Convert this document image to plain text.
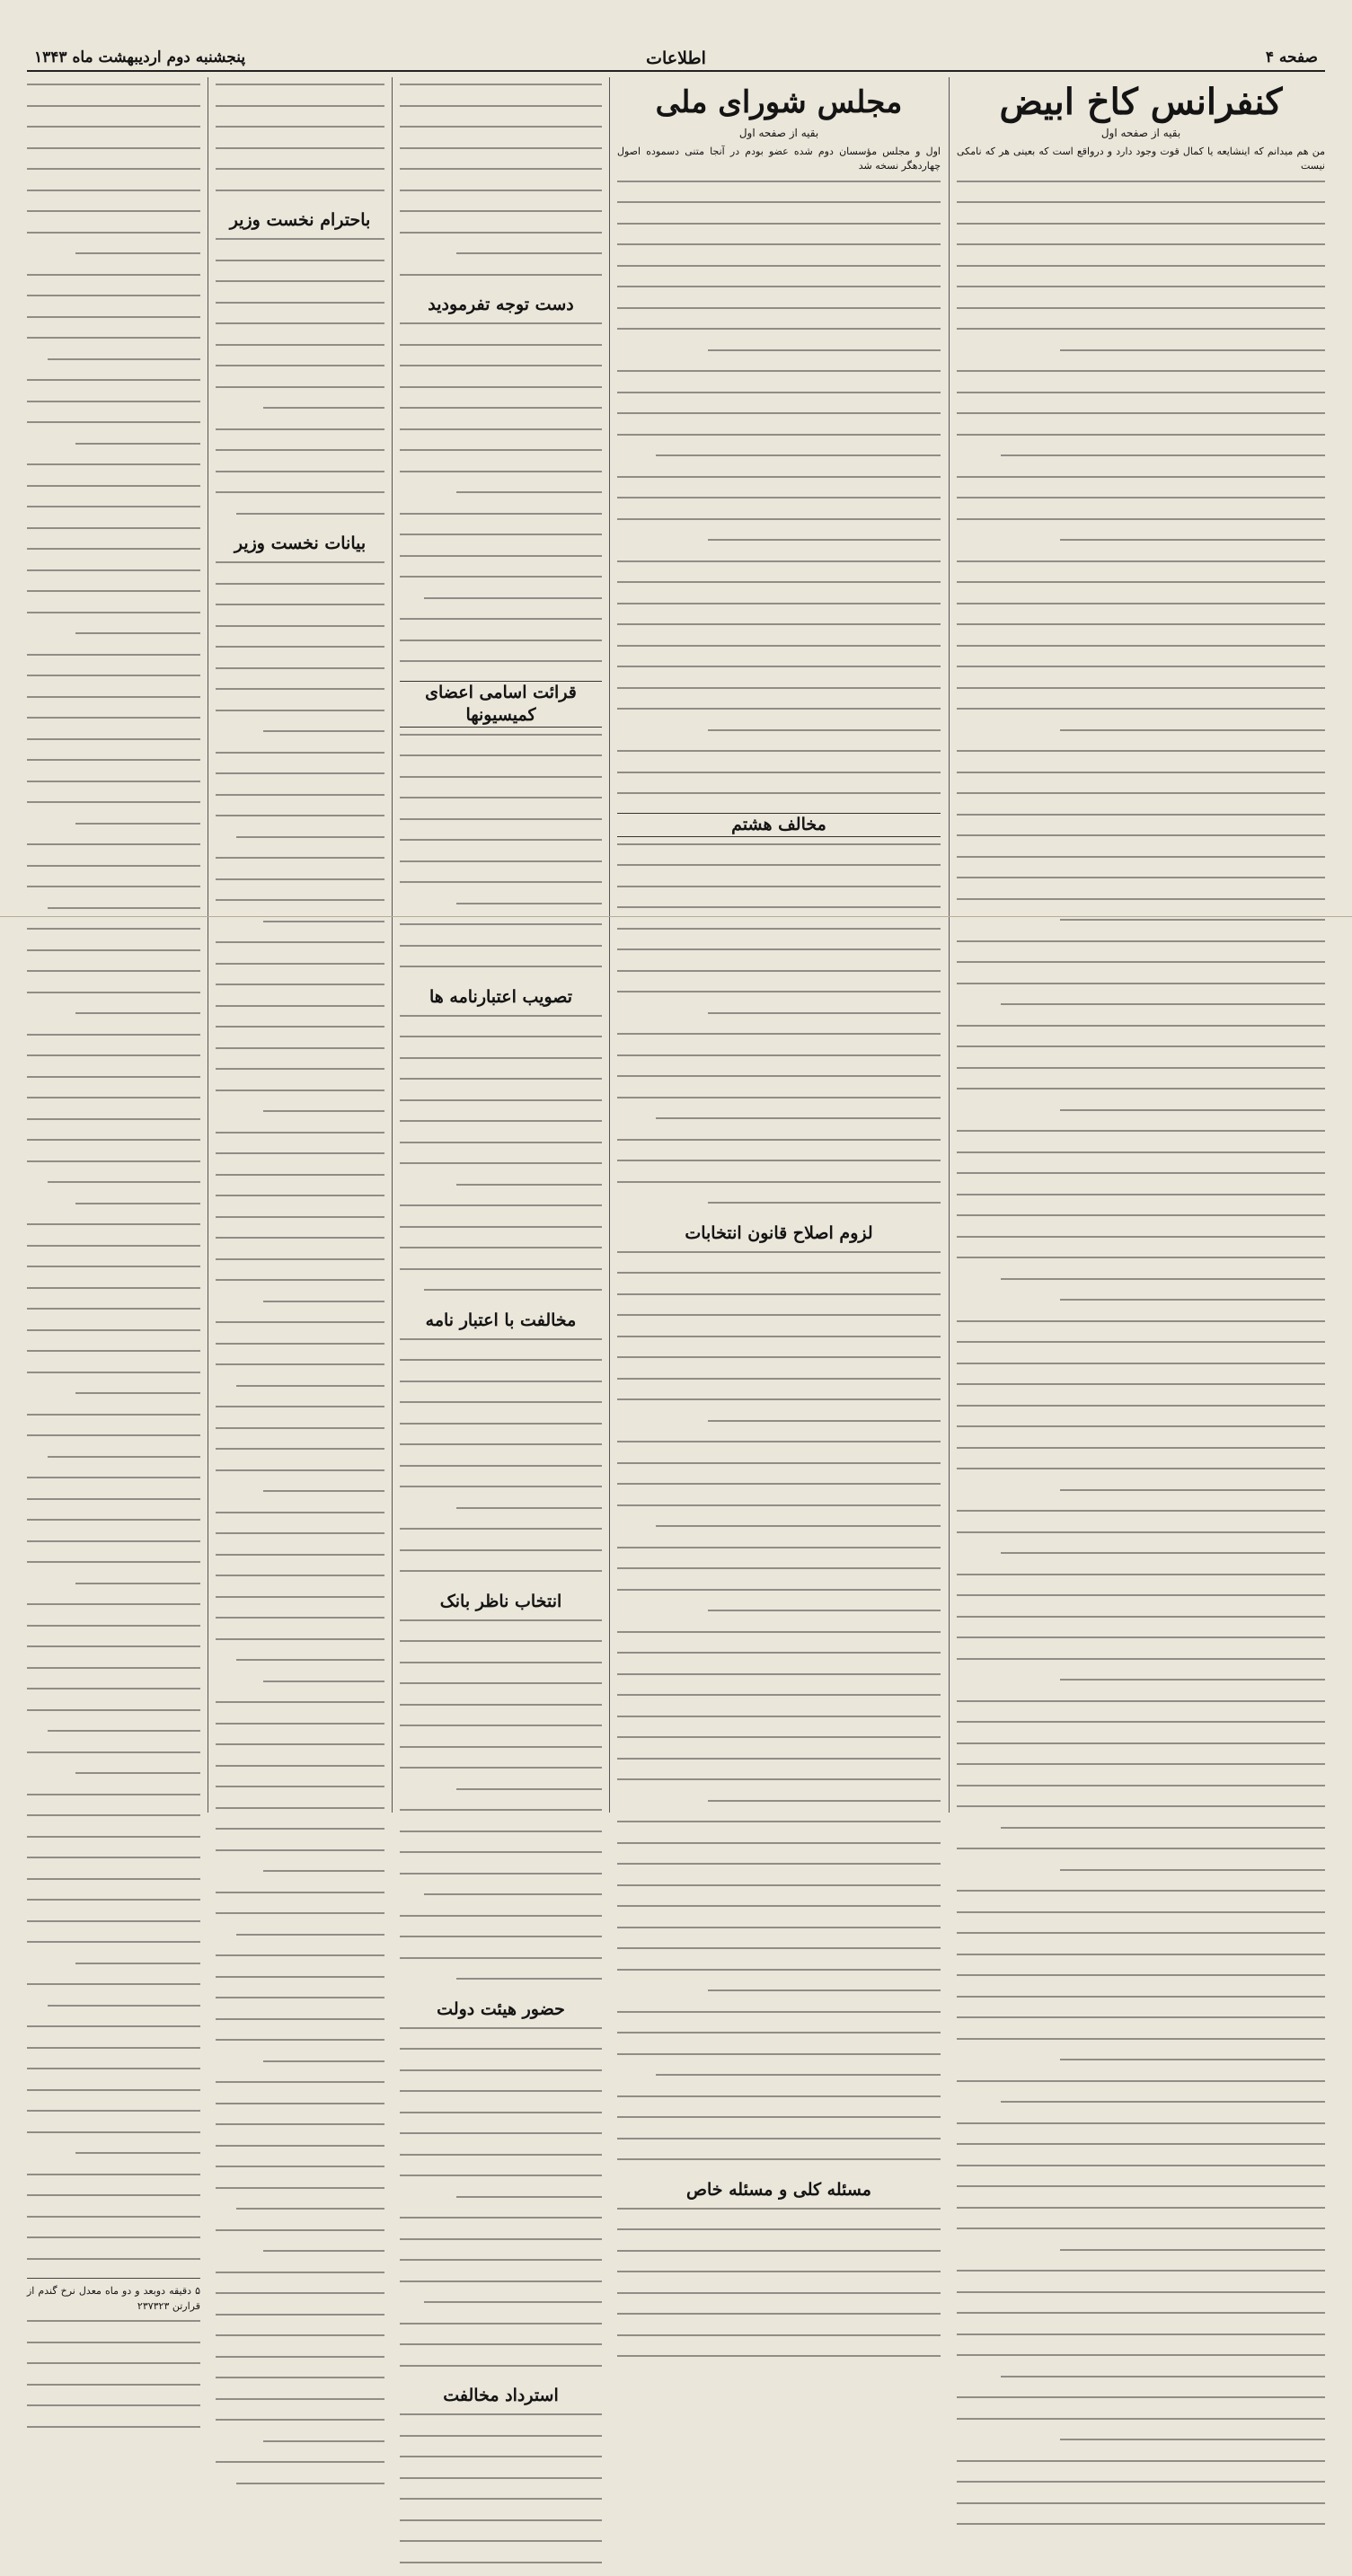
صفحه ۴
اطلاعات
پنجشنبه دوم اردیبهشت ماه ۱۳۴۳
کنفرانس کاخ ابیض
بقیه از صفحه اول

من هم میدانم که اینشایعه یا کمال قوت وجود دارد و درواقع است که بعینی هر که نامکی نیست

مجلس شورای ملی
بقیه از صفحه اول

اول و مجلس مؤسسان دوم شده عضو بودم در آنجا متنی دسموده اصول چهاردهگر نسخه شد

مخالف هشتم
لزوم اصلاح قانون انتخابات
مسئله کلی و مسئله خاص
دست توجه تفرمودید
قرائت اسامی اعضای کمیسیونها
تصویب اعتبارنامه ها
مخالفت با اعتبار نامه
انتخاب ناظر بانک
حضور هیئت دولت
استرداد مخالفت
باحترام نخست وزیر
بیانات نخست وزیر

۵ دقیقه دوبعد و دو ماه معدل نرخ گندم از قرارتن ۲۳۷۳۲۳
